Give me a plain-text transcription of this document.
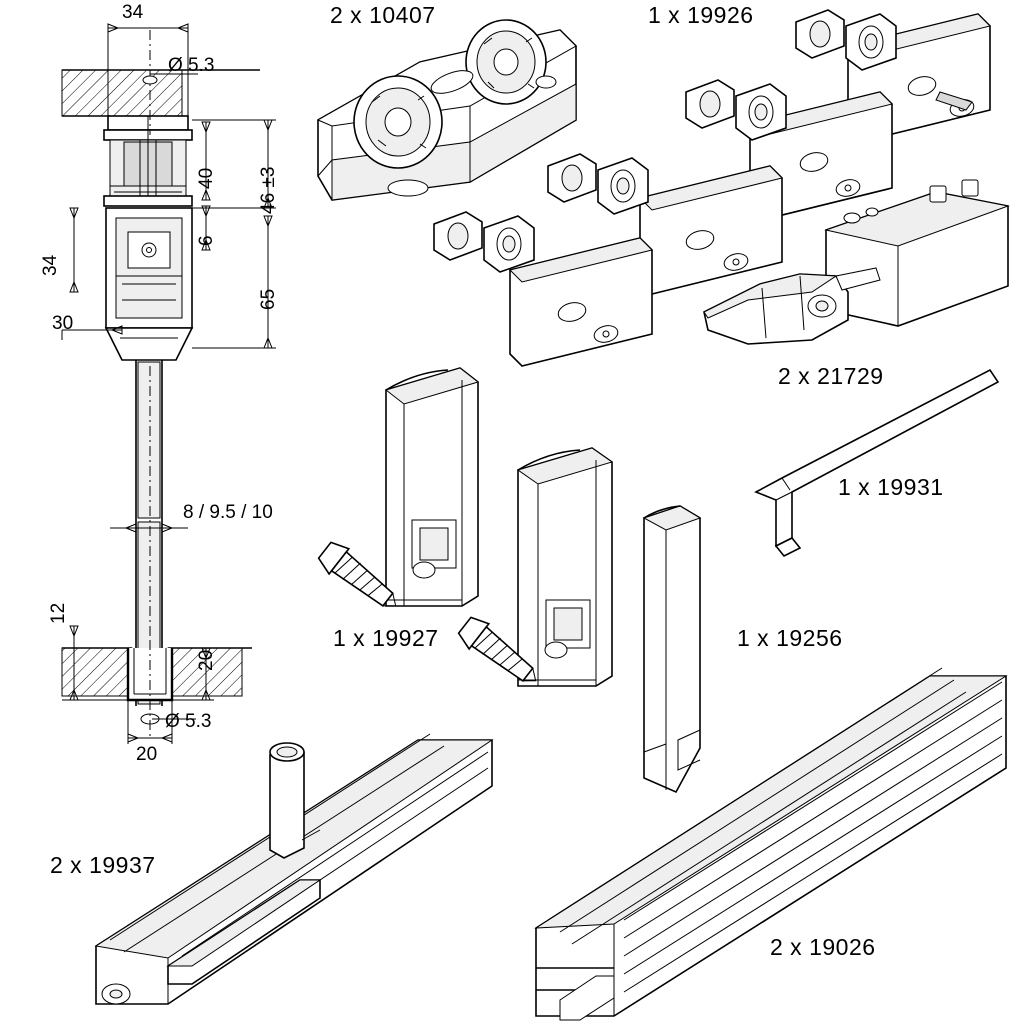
2 x 10407	1 x 19926
2 x 21729
1 x 19931
1 x 19927	1 x 19256
2 x 19937
2 x 19026
34
Ø 5.3
40 46 ±3
6
34
65
30
8 / 9.5 / 10
12
20
Ø 5.3
20
